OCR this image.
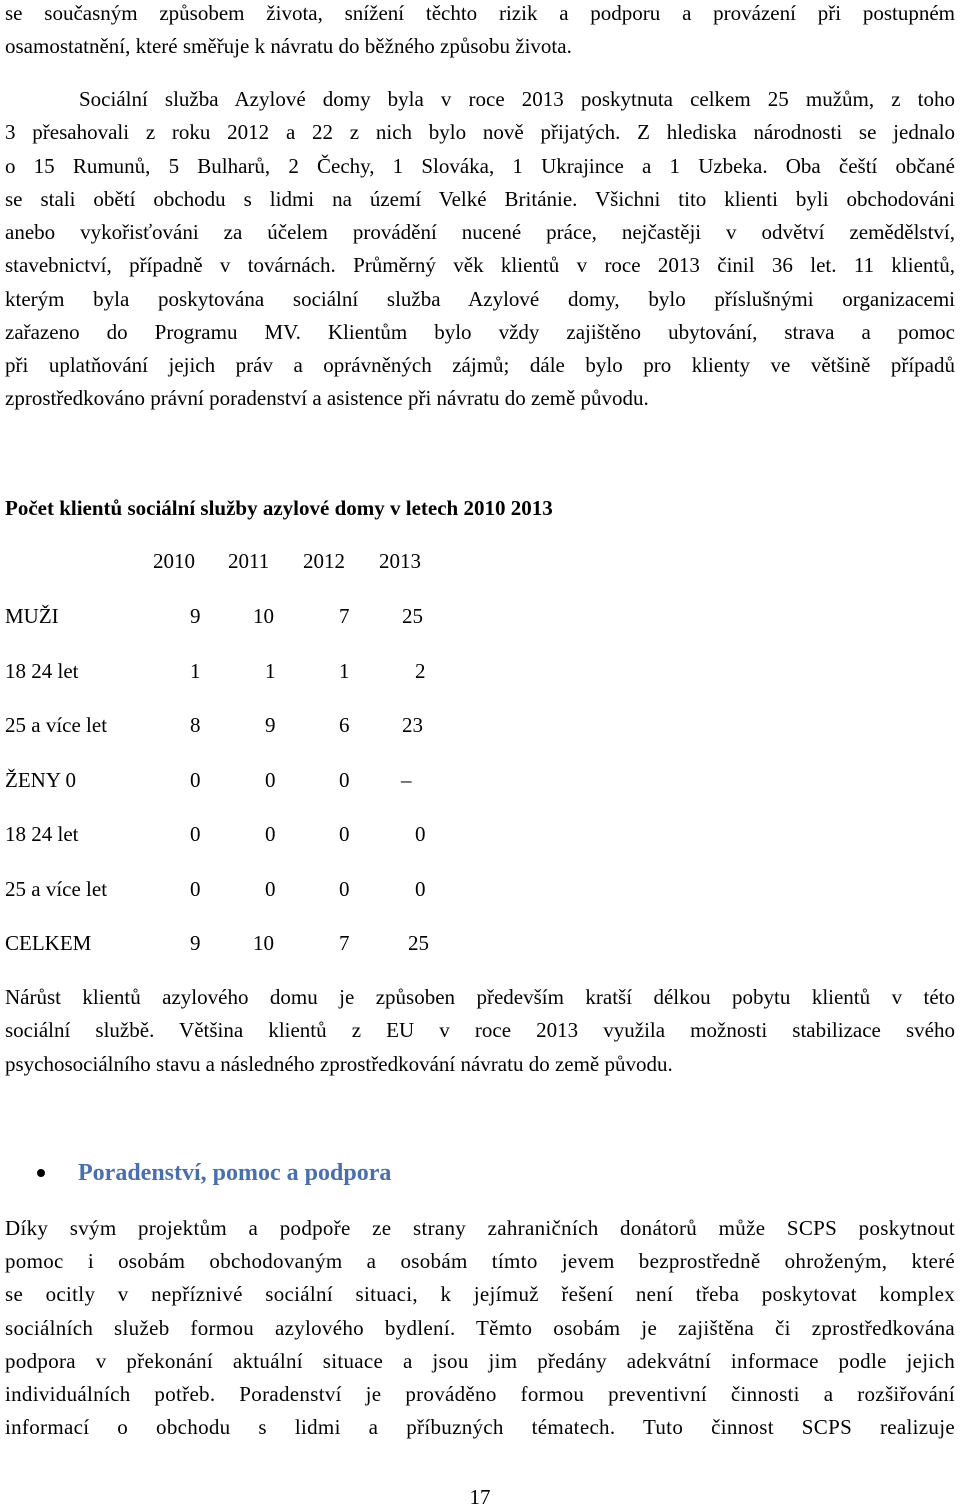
se současným způsobem života, snížení těchto rizik a podporu a provázení při postupném
osamostatnění, které směřuje k návratu do běžného způsobu života.
Sociální služba Azylové domy byla v roce 2013 poskytnuta celkem 25 mužům, z toho
3 přesahovali z roku 2012 a 22 z nich bylo nově přijatých. Z hlediska národnosti se jednalo
o 15 Rumunů, 5 Bulharů, 2 Čechy, 1 Slováka, 1 Ukrajince a 1 Uzbeka. Oba čeští občané
se stali obětí obchodu s lidmi na území Velké Británie. Všichni tito klienti byli obchodováni
anebo vykořisťováni za účelem provádění nucené práce, nejčastěji v odvětví zemědělství,
stavebnictví, případně v továrnách. Průměrný věk klientů v roce 2013 činil 36 let. 11 klientů,
kterým byla poskytována sociální služba Azylové domy, bylo příslušnými organizacemi
zařazeno do Programu MV. Klientům bylo vždy zajištěno ubytování, strava a pomoc
při uplatňování jejich práv a oprávněných zájmů; dále bylo pro klienty ve většině případů
zprostředkováno právní poradenství a asistence při návratu do země původu.
Počet klientů sociální služby azylové domy v letech 2010 2013
2010 2011 2012 2013
MUŽI	9	10	7	25
18 24 let	1	1	1	2
25 a více let	8	9	6	23
ŽENY 0	0	0	0 –
18 24 let	0	0	0	0
25 a více let	0	0	0	0
CELKEM	9	10	7	25
Nárůst klientů azylového domu je způsoben především kratší délkou pobytu klientů v této
sociální službě. Většina klientů z EU v roce 2013 využila možnosti stabilizace svého
psychosociálního stavu a následného zprostředkování návratu do země původu.
Poradenství, pomoc a podpora
Díky svým projektům a podpoře ze strany zahraničních donátorů může SCPS poskytnout
pomoc i osobám obchodovaným a osobám tímto jevem bezprostředně ohroženým, které
se ocitly v nepříznivé sociální situaci, k jejímuž řešení není třeba poskytovat komplex
sociálních služeb formou azylového bydlení. Těmto osobám je zajištěna či zprostředkována
podpora v překonání aktuální situace a jsou jim předány adekvátní informace podle jejich
individuálních potřeb. Poradenství je prováděno formou preventivní činnosti a rozšiřování
informací o obchodu s lidmi a příbuzných tématech. Tuto činnost SCPS realizuje
17
